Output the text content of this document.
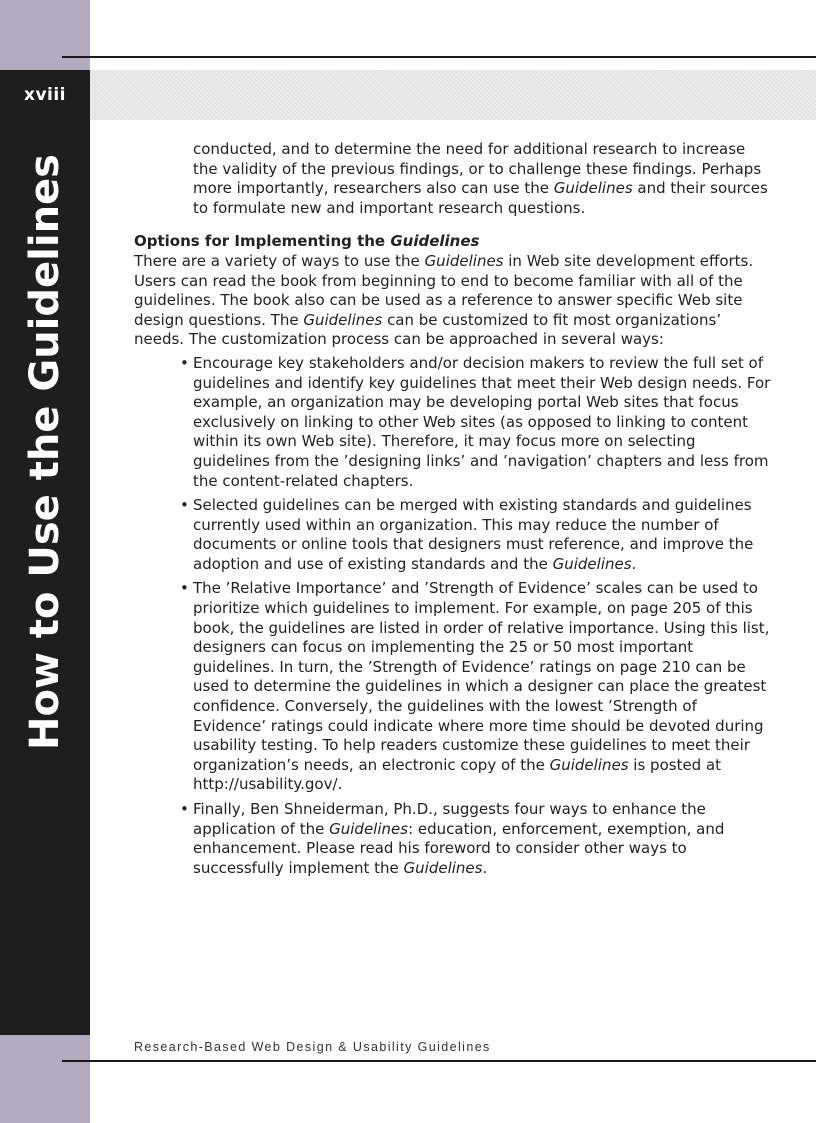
xviii
How to Use the Guidelines

conducted, and to determine the need for additional research to increase the validity of the previous findings, or to challenge these findings. Perhaps more importantly, researchers also can use the Guidelines and their sources to formulate new and important research questions.

Options for Implementing the Guidelines

There are a variety of ways to use the Guidelines in Web site development efforts. Users can read the book from beginning to end to become familiar with all of the guidelines. The book also can be used as a reference to answer specific Web site design questions. The Guidelines can be customized to fit most organizations’ needs. The customization process can be approached in several ways:

• Encourage key stakeholders and/or decision makers to review the full set of guidelines and identify key guidelines that meet their Web design needs. For example, an organization may be developing portal Web sites that focus exclusively on linking to other Web sites (as opposed to linking to content within its own Web site). Therefore, it may focus more on selecting guidelines from the ’designing links’ and ’navigation’ chapters and less from the content-related chapters.
• Selected guidelines can be merged with existing standards and guidelines currently used within an organization. This may reduce the number of documents or online tools that designers must reference, and improve the adoption and use of existing standards and the Guidelines.
• The ’Relative Importance’ and ’Strength of Evidence’ scales can be used to prioritize which guidelines to implement. For example, on page 205 of this book, the guidelines are listed in order of relative importance. Using this list, designers can focus on implementing the 25 or 50 most important guidelines. In turn, the ’Strength of Evidence’ ratings on page 210 can be used to determine the guidelines in which a designer can place the greatest confidence. Conversely, the guidelines with the lowest ’Strength of Evidence’ ratings could indicate where more time should be devoted during usability testing. To help readers customize these guidelines to meet their organization’s needs, an electronic copy of the Guidelines is posted at http://usability.gov/.
• Finally, Ben Shneiderman, Ph.D., suggests four ways to enhance the application of the Guidelines: education, enforcement, exemption, and enhancement. Please read his foreword to consider other ways to successfully implement the Guidelines.
Research-Based Web Design & Usability Guidelines
